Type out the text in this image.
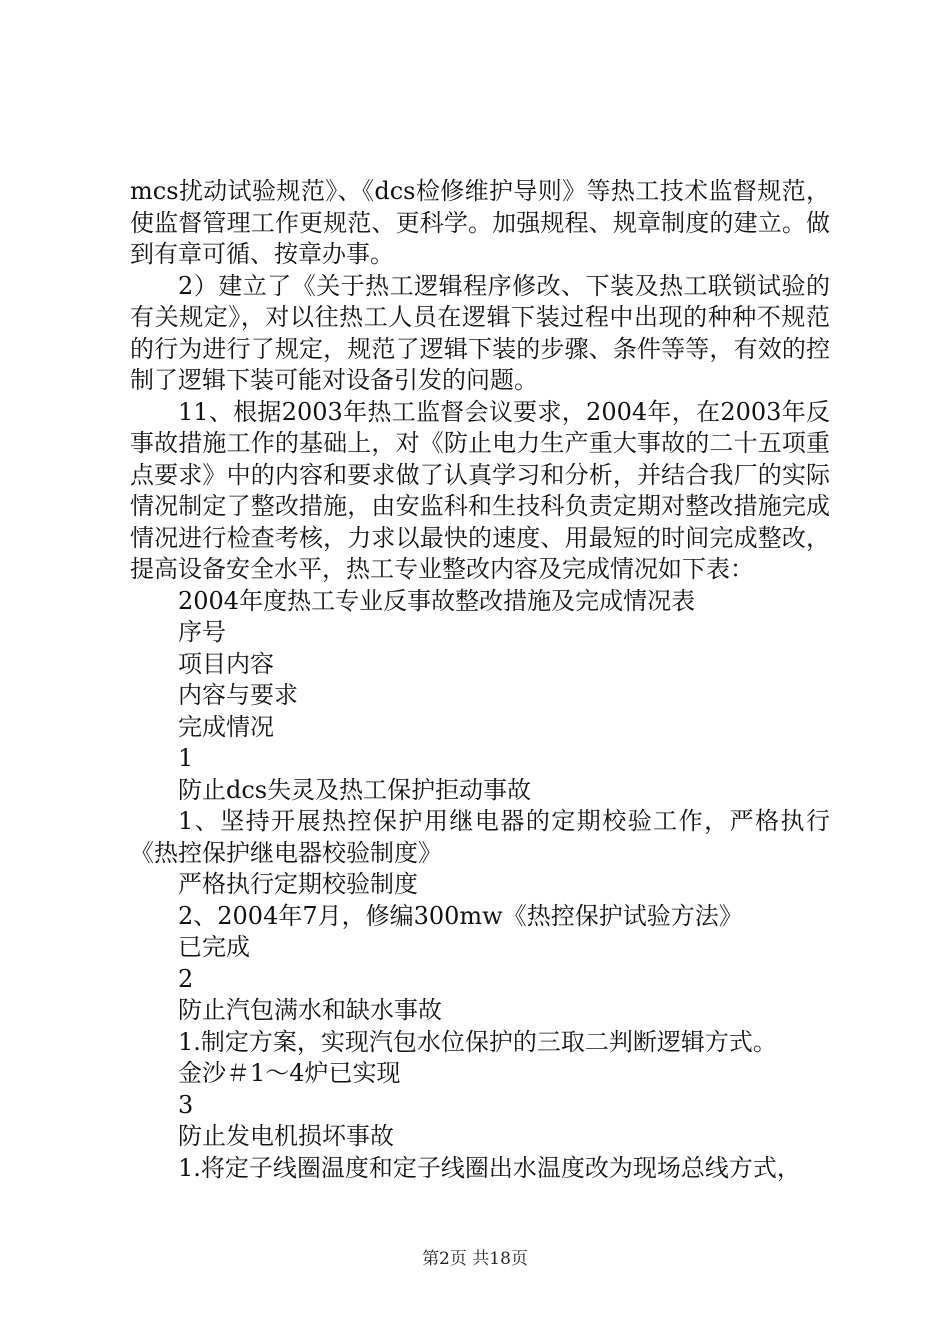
mcs扰动试验规范》、《dcs检修维护导则》等热工技术监督规范，使监督管理工作更规范、更科学。加强规程、规章制度的建立。做到有章可循、按章办事。

2）建立了《关于热工逻辑程序修改、下装及热工联锁试验的有关规定》，对以往热工人员在逻辑下装过程中出现的种种不规范的行为进行了规定，规范了逻辑下装的步骤、条件等等，有效的控制了逻辑下装可能对设备引发的问题。

11、根据2003年热工监督会议要求，2004年，在2003年反事故措施工作的基础上，对《防止电力生产重大事故的二十五项重点要求》中的内容和要求做了认真学习和分析，并结合我厂的实际情况制定了整改措施，由安监科和生技科负责定期对整改措施完成情况进行检查考核，力求以最快的速度、用最短的时间完成整改，提高设备安全水平，热工专业整改内容及完成情况如下表：

2004年度热工专业反事故整改措施及完成情况表

序号

项目内容

内容与要求

完成情况

1

防止dcs失灵及热工保护拒动事故

1、坚持开展热控保护用继电器的定期校验工作，严格执行《热控保护继电器校验制度》

严格执行定期校验制度

2、2004年7月，修编300mw《热控保护试验方法》

已完成

2

防止汽包满水和缺水事故

1.制定方案，实现汽包水位保护的三取二判断逻辑方式。

金沙＃1～4炉已实现

3

防止发电机损坏事故

1.将定子线圈温度和定子线圈出水温度改为现场总线方式，

第2页 共18页
